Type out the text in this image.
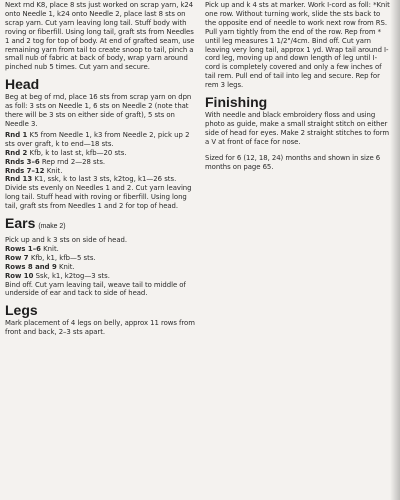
Next rnd K8, place 8 sts just worked on scrap yarn, k24 onto Needle 1, k24 onto Needle 2, place last 8 sts on scrap yarn. Cut yarn leaving long tail. Stuff body with roving or fiberfill. Using long tail, graft sts from Needles 1 and 2 tog for top of body. At end of grafted seam, use remaining yarn from tail to create snoop to tail, pinch a small nub of fabric at back of body, wrap yarn around pinched nub 5 times. Cut yarn and secure.

Head

Beg at beg of rnd, place 16 sts from scrap yarn on dpn as foll: 3 sts on Needle 1, 6 sts on Needle 2 (note that there will be 3 sts on either side of graft), 5 sts on Needle 3.

Rnd 1 K5 from Needle 1, k3 from Needle 2, pick up 2 sts over graft, k to end—18 sts.

Rnd 2 Kfb, k to last st, kfb—20 sts.

Rnds 3–6 Rep rnd 2—28 sts.

Rnds 7–12 Knit.

Rnd 13 K1, ssk, k to last 3 sts, k2tog, k1—26 sts.

Divide sts evenly on Needles 1 and 2. Cut yarn leaving long tail. Stuff head with roving or fiberfill. Using long tail, graft sts from Needles 1 and 2 for top of head.

Ears (make 2)

Pick up and k 3 sts on side of head.

Rows 1–6 Knit.

Row 7 Kfb, k1, kfb—5 sts.

Rows 8 and 9 Knit.

Row 10 Ssk, k1, k2tog—3 sts.

Bind off. Cut yarn leaving tail, weave tail to middle of underside of ear and tack to side of head.

Legs

Mark placement of 4 legs on belly, approx 11 rows from front and back, 2–3 sts apart.

Pick up and k 4 sts at marker. Work I-cord as foll: *Knit one row. Without turning work, slide the sts back to the opposite end of needle to work next row from RS. Pull yarn tightly from the end of the row. Rep from * until leg measures 1 1/2"/4cm. Bind off. Cut yarn leaving very long tail, approx 1 yd. Wrap tail around I-cord leg, moving up and down length of leg until I-cord is completely covered and only a few inches of tail rem. Pull end of tail into leg and secure. Rep for rem 3 legs.

Finishing

With needle and black embroidery floss and using photo as guide, make a small straight stitch on either side of head for eyes. Make 2 straight stitches to form a V at front of face for nose.

Sized for 6 (12, 18, 24) months and shown in size 6 months on page 65.
